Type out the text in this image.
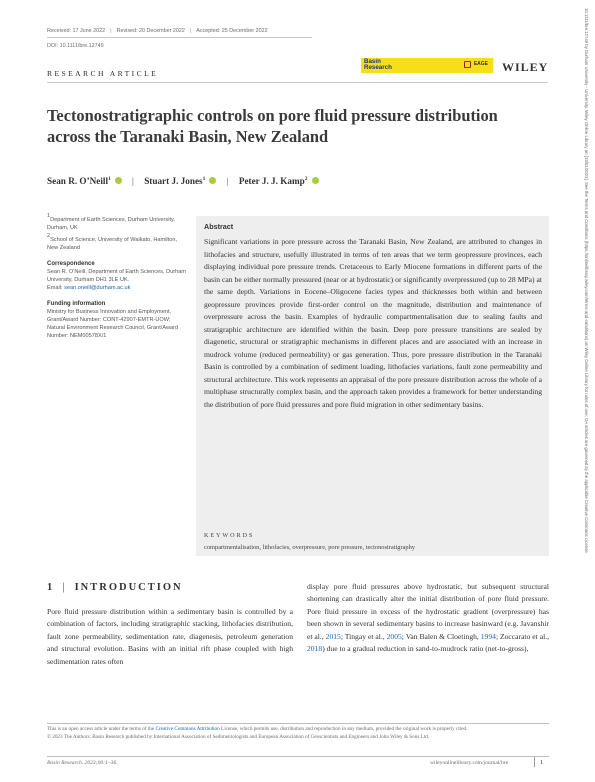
10.1111/bre.12749 by Durham University - University, Wiley Online Library on [19/01/2023]. See the Terms and Conditions (https://onlinelibrary.wiley.com/terms-and-conditions) on Wiley Online Library for rules of use; OA articles are governed by the applicable Creative Commons License
Received: 17 June 2022 | Revised: 20 December 2022 | Accepted: 25 December 2022
DOI: 10.1111/bre.12749
RESEARCH ARTICLE
Basin
Research
EAGE WILEY
Tectonostratigraphic controls on pore fluid pressure distribution across the Taranaki Basin, New Zealand
Sean R. O’Neill$^1$ | Stuart J. Jones$^1$ | Peter J. J. Kamp$^2$
$^1$Department of Earth Sciences, Durham University, Durham, UK
$^2$School of Science, University of Waikato, Hamilton, New Zealand
Correspondence
Sean R. O’Neill, Department of Earth Sciences, Durham University, Durham DH1 3LE UK.
Email: sean.oneill@durham.ac.uk
Funding information
Ministry for Business Innovation and Employment, Grant/Award Number: CONT-42907-EMTR-UOW; Natural Environment Research Council, Grant/Award Number: NEM00578X/1
Abstract

Significant variations in pore pressure across the Taranaki Basin, New Zealand, are attributed to changes in lithofacies and structure, usefully illustrated in terms of ten areas that we term geopressure provinces, each displaying individual pore pressure trends. Cretaceous to Early Miocene formations in different parts of the basin can be either normally pressured (near or at hydrostatic) or significantly overpressured (up to 28 MPa) at the same depth. Variations in Eocene–Oligocene facies types and thicknesses both within and between geopressure provinces provide first-order control on the magnitude, distribution and maintenance of overpressure across the basin. Examples of hydraulic compartmentalisation due to sealing faults and stratigraphic architecture are identified within the basin. Deep pore pressure transitions are sealed by diagenetic, structural or stratigraphic mechanisms in different places and are associated with an increase in mudrock volume (reduced permeability) or gas generation. Thus, pore pressure distribution in the Taranaki Basin is controlled by a combination of sediment loading, lithofacies variations, fault zone permeability and structural architecture. This work represents an appraisal of the pore pressure distribution across the whole of a multiphase structurally complex basin, and the approach taken provides a framework for better understanding the distribution of pore fluid pressures and pore fluid migration in other sedimentary basins.

KEYWORDS
compartmentalisation, lithofacies, overpressure, pore pressure, tectonostratigraphy
1 | INTRODUCTION

Pore fluid pressure distribution within a sedimentary basin is controlled by a combination of factors, including stratigraphic stacking, lithofacies distribution, fault zone permeability, sedimentation rate, diagenesis, petroleum generation and structural evolution. Basins with an initial rift phase coupled with high sedimentation rates often

display pore fluid pressures above hydrostatic, but subsequent structural shortening can drastically alter the initial distribution of pore fluid pressure. Pore fluid pressure in excess of the hydrostatic gradient (overpressure) has been shown in several sedimentary basins to increase basinward (e.g. Javanshir et al., 2015; Tingay et al., 2005; Van Balen & Cloetingh, 1994; Zoccarato et al., 2018) due to a gradual reduction in sand-to-mudrock ratio (net-to-gross),

This is an open access article under the terms of the Creative Commons Attribution License, which permits use, distribution and reproduction in any medium, provided the original work is properly cited.
© 2023 The Authors. Basin Research published by International Association of Sedimentologists and European Association of Geoscientists and Engineers and John Wiley & Sons Ltd.
Basin Research. 2023;00:1–36.	wileyonlinelibrary.com/journal/bre	1
